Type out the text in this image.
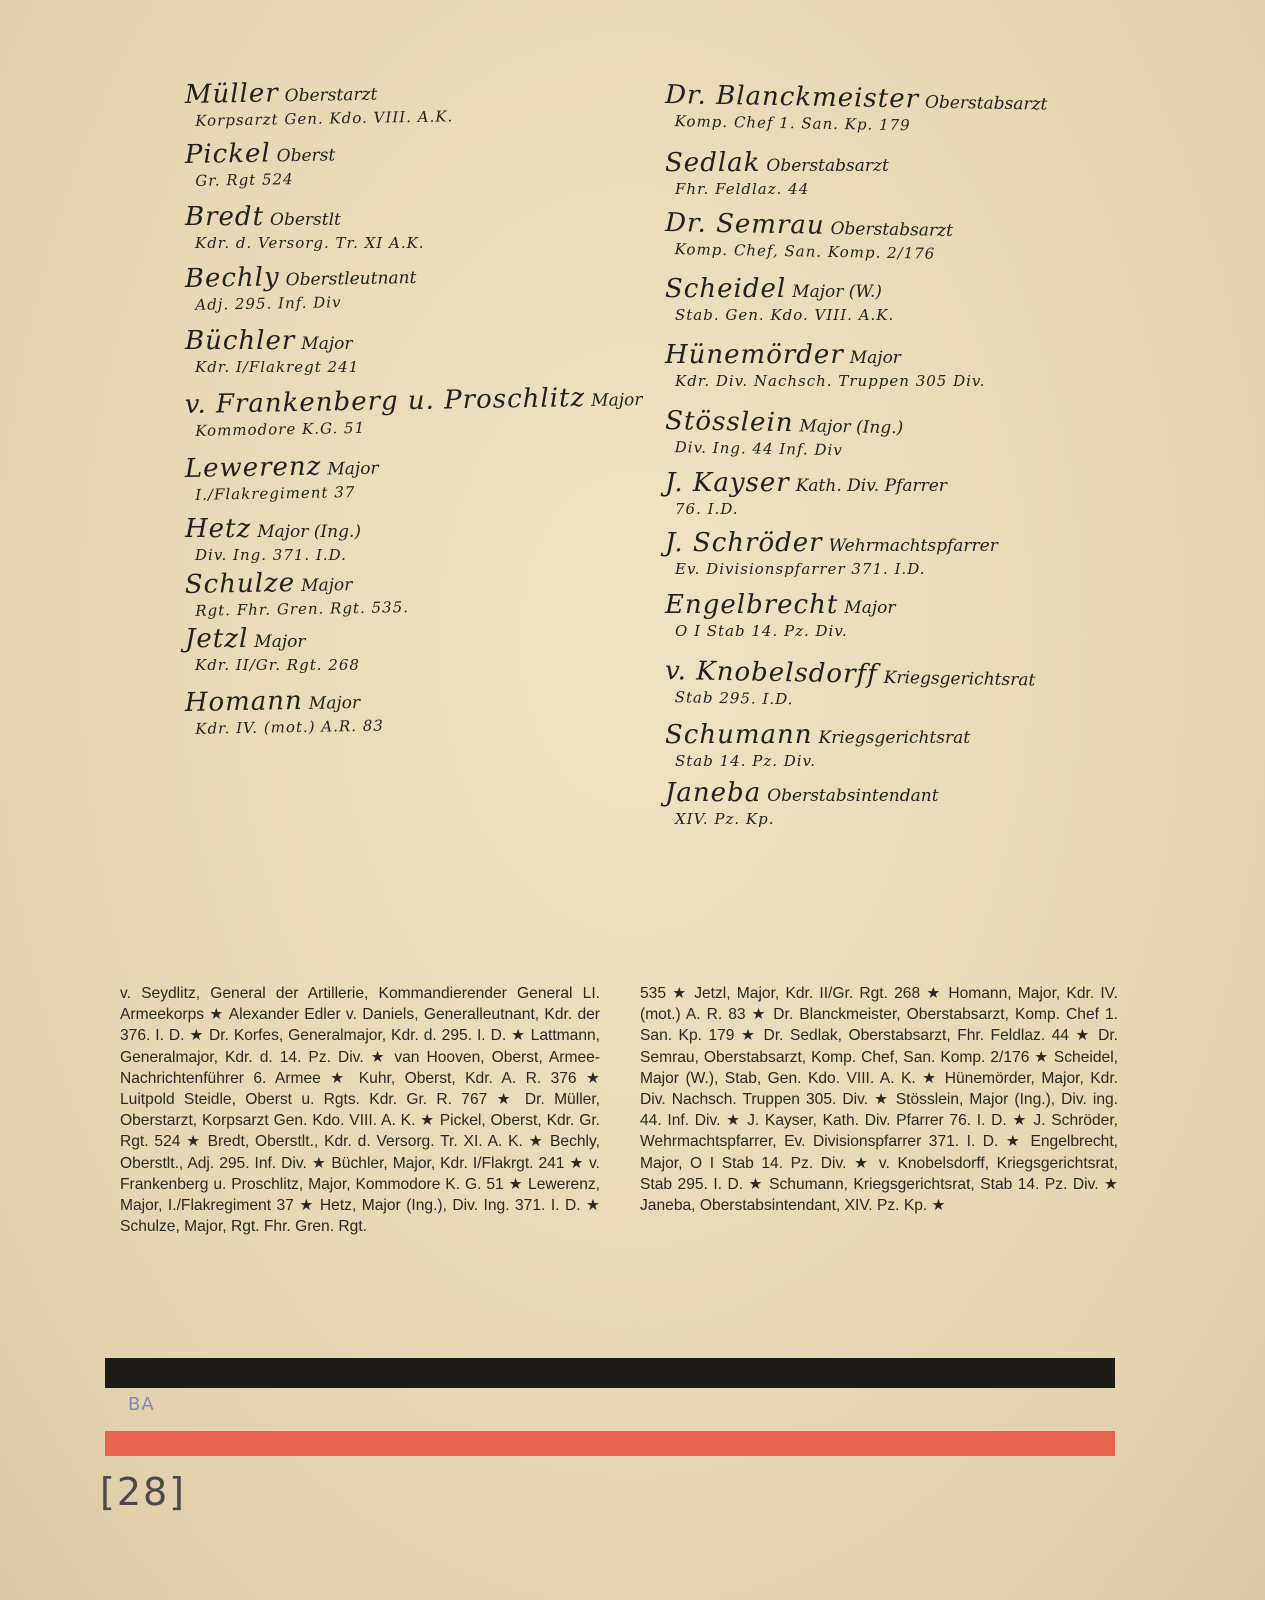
Müller Oberstarzt
Korpsarzt Gen. Kdo. VIII. A.K.
Pickel Oberst
Gr. Rgt 524
Bredt Oberstlt
Kdr. d. Versorg. Tr. XI A.K.
Bechly Oberstleutnant
Adj. 295. Inf. Div
Büchler Major
Kdr. I/Flakregt 241
v. Frankenberg u. Proschlitz Major
Kommodore K.G. 51
Lewerenz Major
I./Flakregiment 37
Hetz Major (Ing.)
Div. Ing. 371. I.D.
Schulze Major
Rgt. Fhr. Gren. Rgt. 535.
Jetzl Major
Kdr. II/Gr. Rgt. 268
Homann Major
Kdr. IV. (mot.) A.R. 83
Dr. Blanckmeister Oberstabsarzt
Komp. Chef 1. San. Kp. 179
Sedlak Oberstabsarzt
Fhr. Feldlaz. 44
Dr. Semrau Oberstabsarzt
Komp. Chef, San. Komp. 2/176
Scheidel Major (W.)
Stab. Gen. Kdo. VIII. A.K.
Hünemörder Major
Kdr. Div. Nachsch. Truppen 305 Div.
Stösslein Major (Ing.)
Div. Ing. 44 Inf. Div
J. Kayser Kath. Div. Pfarrer
76. I.D.
J. Schröder Wehrmachtspfarrer
Ev. Divisionspfarrer 371. I.D.
Engelbrecht Major
O I Stab 14. Pz. Div.
v. Knobelsdorff Kriegsgerichtsrat
Stab 295. I.D.
Schumann Kriegsgerichtsrat
Stab 14. Pz. Div.
Janeba Oberstabsintendant
XIV. Pz. Kp.
v. Seydlitz, General der Artillerie, Kommandierender General LI. Armeekorps ★ Alexander Edler v. Daniels, Generalleutnant, Kdr. der 376. I. D. ★ Dr. Korfes, Generalmajor, Kdr. d. 295. I. D. ★ Lattmann, Generalmajor, Kdr. d. 14. Pz. Div. ★ van Hooven, Oberst, Armee-Nachrichtenführer 6. Armee ★ Kuhr, Oberst, Kdr. A. R. 376 ★ Luitpold Steidle, Oberst u. Rgts. Kdr. Gr. R. 767 ★ Dr. Müller, Oberstarzt, Korpsarzt Gen. Kdo. VIII. A. K. ★ Pickel, Oberst, Kdr. Gr. Rgt. 524 ★ Bredt, Oberstlt., Kdr. d. Versorg. Tr. XI. A. K. ★ Bechly, Oberstlt., Adj. 295. Inf. Div. ★ Büchler, Major, Kdr. I/Flakrgt. 241 ★ v. Frankenberg u. Proschlitz, Major, Kommodore K. G. 51 ★ Lewerenz, Major, I./Flakregiment 37 ★ Hetz, Major (Ing.), Div. Ing. 371. I. D. ★ Schulze, Major, Rgt. Fhr. Gren. Rgt.
535 ★ Jetzl, Major, Kdr. II/Gr. Rgt. 268 ★ Homann, Major, Kdr. IV. (mot.) A. R. 83 ★ Dr. Blanckmeister, Oberstabsarzt, Komp. Chef 1. San. Kp. 179 ★ Dr. Sedlak, Oberstabsarzt, Fhr. Feldlaz. 44 ★ Dr. Semrau, Oberstabsarzt, Komp. Chef, San. Komp. 2/176 ★ Scheidel, Major (W.), Stab, Gen. Kdo. VIII. A. K. ★ Hünemörder, Major, Kdr. Div. Nachsch. Truppen 305. Div. ★ Stösslein, Major (Ing.), Div. ing. 44. Inf. Div. ★ J. Kayser, Kath. Div. Pfarrer 76. I. D. ★ J. Schröder, Wehrmachtspfarrer, Ev. Divisionspfarrer 371. I. D. ★ Engelbrecht, Major, O I Stab 14. Pz. Div. ★ v. Knobelsdorff, Kriegsgerichtsrat, Stab 295. I. D. ★ Schumann, Kriegsgerichtsrat, Stab 14. Pz. Div. ★ Janeba, Oberstabsintendant, XIV. Pz. Kp. ★
BA
[28]
